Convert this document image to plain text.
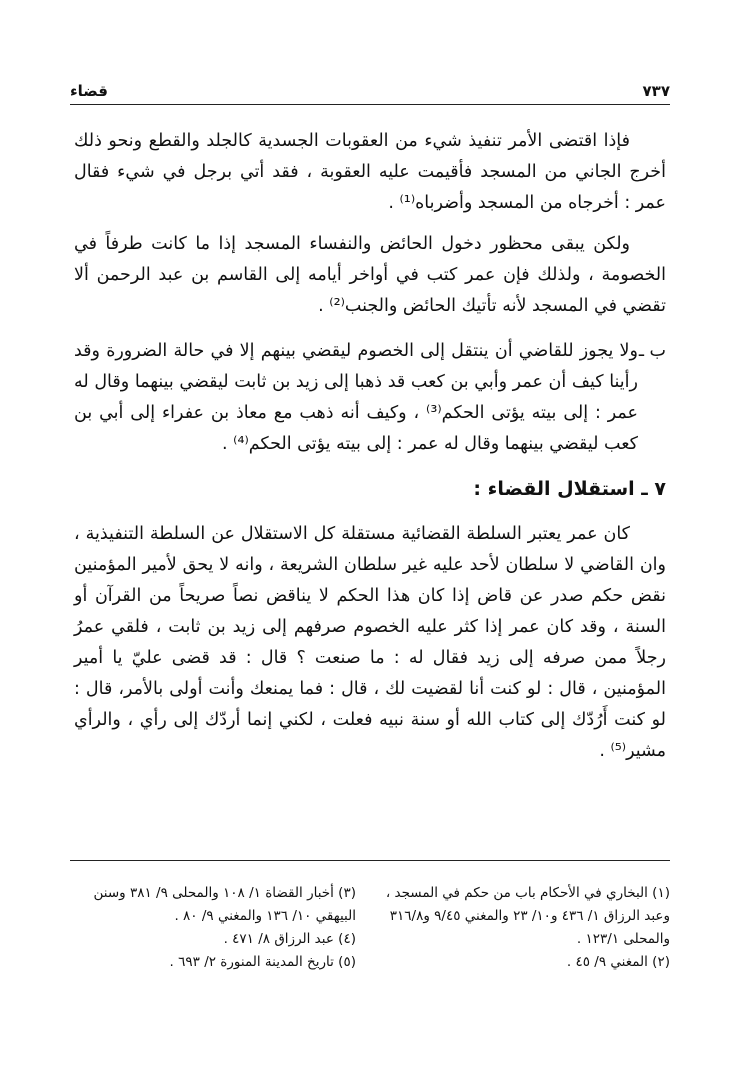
٧٣٧
قضاء

فإذا اقتضى الأمر تنفيذ شيء من العقوبات الجسدية كالجلد والقطع ونحو ذلك أخرج الجاني من المسجد فأقيمت عليه العقوبة ، فقد أتي برجل في شيء فقال عمر : أخرجاه من المسجد وأضرباه⁽¹⁾ .

ولكن يبقى محظور دخول الحائض والنفساء المسجد إذا ما كانت طرفاً في الخصومة ، ولذلك فإن عمر كتب في أواخر أيامه إلى القاسم بن عبد الرحمن ألا تقضي في المسجد لأنه تأتيك الحائض والجنب⁽²⁾ .

ب ـ

ولا يجوز للقاضي أن ينتقل إلى الخصوم ليقضي بينهم إلا في حالة الضرورة وقد رأينا كيف أن عمر وأبي بن كعب قد ذهبا إلى زيد بن ثابت ليقضي بينهما وقال له عمر : إلى بيته يؤتى الحكم⁽³⁾ ، وكيف أنه ذهب مع معاذ بن عفراء إلى أبي بن كعب ليقضي بينهما وقال له عمر : إلى بيته يؤتى الحكم⁽⁴⁾ .

٧ ـ استقلال القضاء :

كان عمر يعتبر السلطة القضائية مستقلة كل الاستقلال عن السلطة التنفيذية ، وان القاضي لا سلطان لأحد عليه غير سلطان الشريعة ، وانه لا يحق لأمير المؤمنين نقض حكم صدر عن قاض إذا كان هذا الحكم لا يناقض نصاً صريحاً من القرآن أو السنة ، وقد كان عمر إذا كثر عليه الخصوم صرفهم إلى زيد بن ثابت ، فلقي عمرُ رجلاً ممن صرفه إلى زيد فقال له : ما صنعت ؟ قال : قد قضى عليّ يا أمير المؤمنين ، قال : لو كنت أنا لقضيت لك ، قال : فما يمنعك وأنت أولى بالأمر، قال : لو كنت أَرُدّك إلى كتاب الله أو سنة نبيه فعلت ، لكني إنما أردّك إلى رأي ، والرأي مشير⁽⁵⁾ .

(١) البخاري في الأحكام باب من حكم في المسجد ، وعبد الرزاق ١/ ٤٣٦ و١٠/ ٢٣ والمغني ٩/٤٥ و٣١٦/٨ والمحلى ١٢٣/١ .

(٢) المغني ٩/ ٤٥ .

(٣) أخبار القضاة ١/ ١٠٨ والمحلى ٩/ ٣٨١ وسنن البيهقي ١٠/ ١٣٦ والمغني ٩/ ٨٠ .

(٤) عبد الرزاق ٨/ ٤٧١ .

(٥) تاريخ المدينة المنورة ٢/ ٦٩٣ .
